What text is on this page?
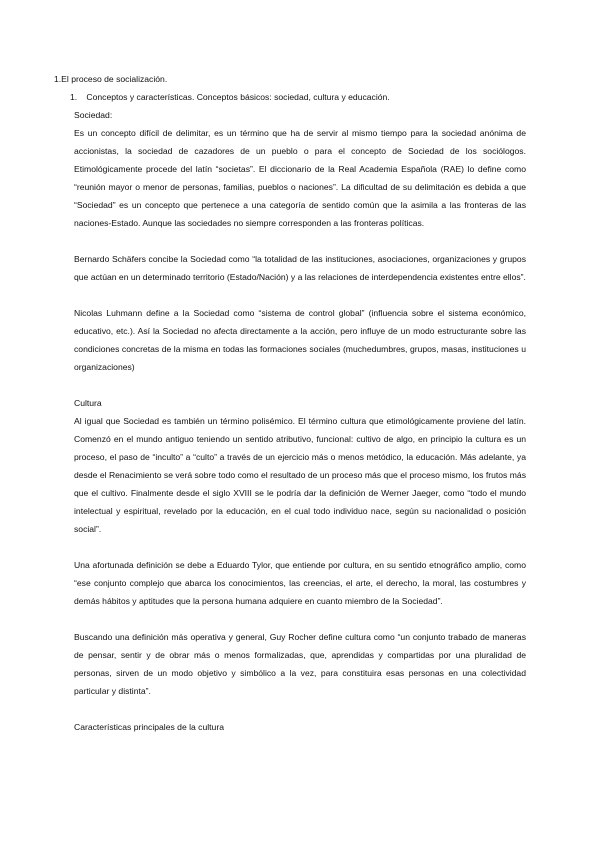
1.El proceso de socialización.
1. Conceptos y características. Conceptos básicos: sociedad, cultura y educación.
Sociedad:

Es un concepto difícil de delimitar, es un término que ha de servir al mismo tiempo para la sociedad anónima de accionistas, la sociedad de cazadores de un pueblo o para el concepto de Sociedad de los sociólogos. Etimológicamente procede del latín “societas”. El diccionario de la Real Academia Española (RAE) lo define como “reunión mayor o menor de personas, familias, pueblos o naciones”. La dificultad de su delimitación es debida a que “Sociedad” es un concepto que pertenece a una categoría de sentido común que la asimila a las fronteras de las naciones-Estado. Aunque las sociedades no siempre corresponden a las fronteras políticas.

Bernardo Schäfers concibe la Sociedad como “la totalidad de las instituciones, asociaciones, organizaciones y grupos que actúan en un determinado territorio (Estado/Nación) y a las relaciones de interdependencia existentes entre ellos”.

Nicolas Luhmann define a la Sociedad como “sistema de control global” (influencia sobre el sistema económico, educativo, etc.). Así la Sociedad no afecta directamente a la acción, pero influye de un modo estructurante sobre las condiciones concretas de la misma en todas las formaciones sociales (muchedumbres, grupos, masas, instituciones u organizaciones)

Cultura

Al igual que Sociedad es también un término polisémico. El término cultura que etimológicamente proviene del latín. Comenzó en el mundo antiguo teniendo un sentido atributivo, funcional: cultivo de algo, en principio la cultura es un proceso, el paso de “inculto” a “culto” a través de un ejercicio más o menos metódico, la educación. Más adelante, ya desde el Renacimiento se verá sobre todo como el resultado de un proceso más que el proceso mismo, los frutos más que el cultivo. Finalmente desde el siglo XVIII se le podría dar la definición de Werner Jaeger, como “todo el mundo intelectual y espiritual, revelado por la educación, en el cual todo individuo nace, según su nacionalidad o posición social”.

Una afortunada definición se debe a Eduardo Tylor, que entiende por cultura, en su sentido etnográfico amplio, como “ese conjunto complejo que abarca los conocimientos, las creencias, el arte, el derecho, la moral, las costumbres y demás hábitos y aptitudes que la persona humana adquiere en cuanto miembro de la Sociedad”.

Buscando una definición más operativa y general, Guy Rocher define cultura como “un conjunto trabado de maneras de pensar, sentir y de obrar más o menos formalizadas, que, aprendidas y compartidas por una pluralidad de personas, sirven de un modo objetivo y simbólico a la vez, para constituira esas personas en una colectividad particular y distinta”.

Características principales de la cultura
